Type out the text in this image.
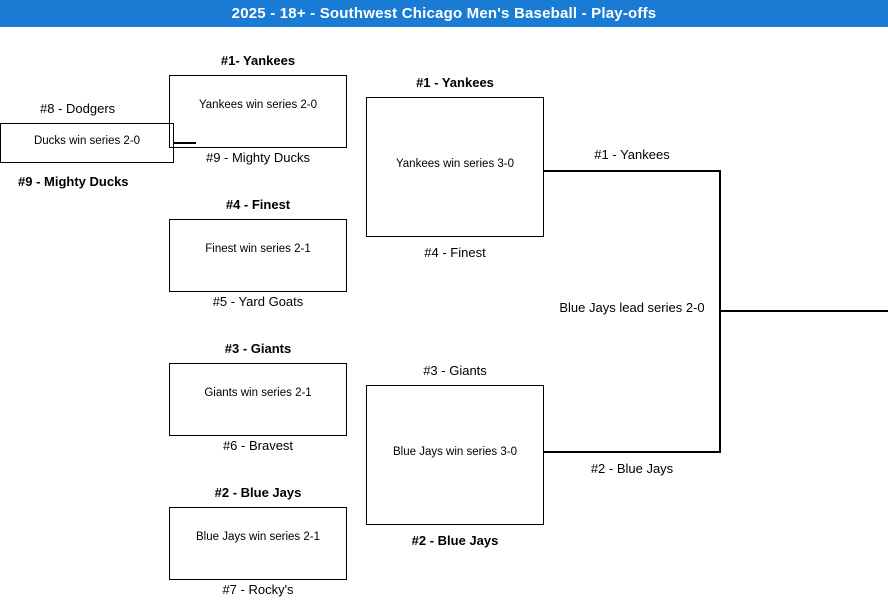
2025 - 18+ - Southwest Chicago Men's Baseball - Play-offs
#8 - Dodgers
Ducks win series 2-0
#9 - Mighty Ducks
#1- Yankees
Yankees win series 2-0
#9 - Mighty Ducks
#4 - Finest
Finest win series 2-1
#5 - Yard Goats
#3 - Giants
Giants win series 2-1
#6 - Bravest
#2 - Blue Jays
Blue Jays win series 2-1
#7 - Rocky's
#1 - Yankees
Yankees win series 3-0
#4 - Finest
#3 - Giants
Blue Jays win series 3-0
#2 - Blue Jays
#1 - Yankees
Blue Jays lead series 2-0
#2 - Blue Jays
